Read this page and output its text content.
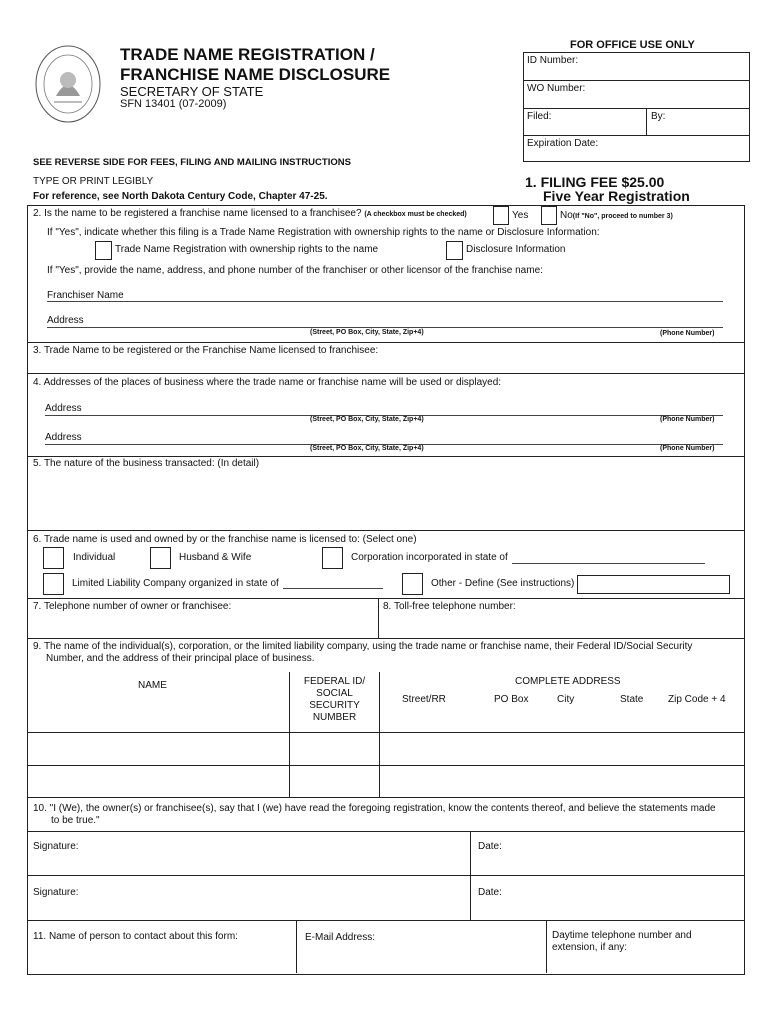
TRADE NAME REGISTRATION /
FRANCHISE NAME DISCLOSURE
SECRETARY OF STATE
SFN 13401 (07-2009)
FOR OFFICE USE ONLY
ID Number:
WO Number:
Filed:	By:
Expiration Date:
SEE REVERSE SIDE FOR FEES, FILING AND MAILING INSTRUCTIONS
TYPE OR PRINT LEGIBLY
For reference, see North Dakota Century Code, Chapter 47-25.
1. FILING FEE $25.00
Five Year Registration
2. Is the name to be registered a franchise name licensed to a franchisee? (A checkbox must be checked)	Yes	No(If "No", proceed to number 3)
If "Yes", indicate whether this filing is a Trade Name Registration with ownership rights to the name or Disclosure Information:
Trade Name Registration with ownership rights to the name	Disclosure Information
If "Yes", provide the name, address, and phone number of the franchiser or other licensor of the franchise name:
Franchiser Name
Address
(Street, PO Box, City, State, Zip+4)	(Phone Number)
3. Trade Name to be registered or the Franchise Name licensed to franchisee:
4. Addresses of the places of business where the trade name or franchise name will be used or displayed:
Address
(Street, PO Box, City, State, Zip+4)	(Phone Number)
Address
(Street, PO Box, City, State, Zip+4)	(Phone Number)
5. The nature of the business transacted: (In detail)
6. Trade name is used and owned by or the franchise name is licensed to: (Select one)
Individual	Husband & Wife	Corporation incorporated in state of
Limited Liability Company organized in state of	Other - Define (See instructions)
7. Telephone number of owner or franchisee:	8. Toll-free telephone number:
9. The name of the individual(s), corporation, or the limited liability company, using the trade name or franchise name, their Federal ID/Social Security
Number, and the address of their principal place of business.
NAME	FEDERAL ID/
SOCIAL
SECURITY
NUMBER
COMPLETE ADDRESS
Street/RR	PO Box	City	State Zip Code + 4
10. "I (We), the owner(s) or franchisee(s), say that I (we) have read the foregoing registration, know the contents thereof, and believe the statements made
to be true."
Signature:	Date:
Signature:	Date:
11. Name of person to contact about this form:	E-Mail Address:	Daytime telephone number and
extension, if any:
